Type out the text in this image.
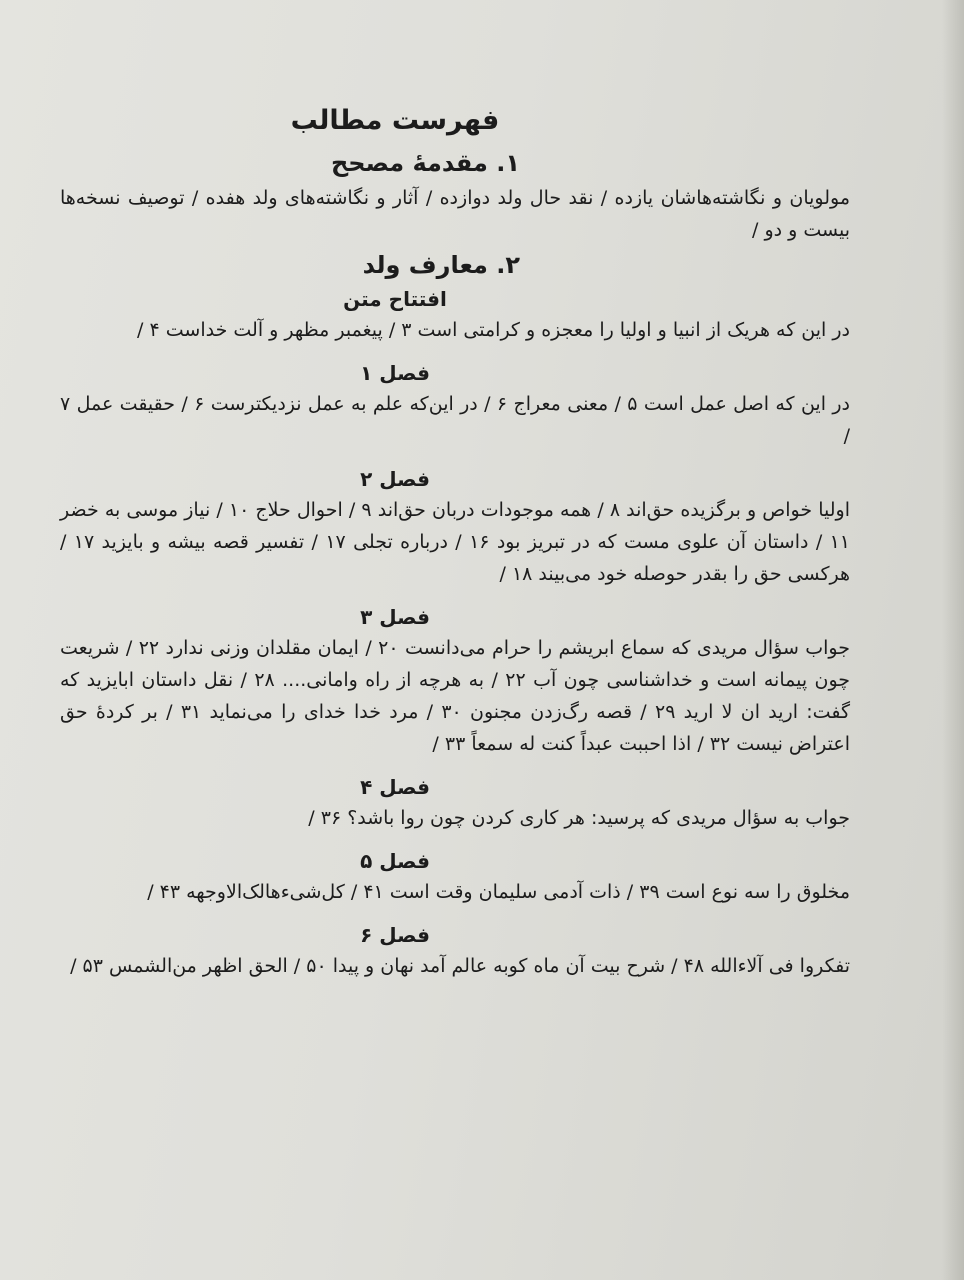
فهرست مطالب
۱. مقدمهٔ مصحح

مولویان و نگاشته‌هاشان یازده / نقد حال ولد دوازده / آثار و نگاشته‌های ولد هفده / توصیف نسخه‌ها بیست و دو /

۲. معارف ولد
افتتاح متن

در این که هریک از انبیا و اولیا را معجزه و کرامتی است ۳ / پیغمبر مظهر و آلت خداست ۴ /

فصل ۱

در این که اصل عمل است ۵ / معنی معراج ۶ / در این‌که علم به عمل نزدیکترست ۶ / حقیقت عمل ۷ /

فصل ۲

اولیا خواص و برگزیده حق‌اند ۸ / همه موجودات دربان حق‌اند ۹ / احوال حلاج ۱۰ / نیاز موسی به خضر ۱۱ / داستان آن علوی مست که در تبریز بود ۱۶ / درباره تجلی ۱۷ / تفسیر قصه بیشه و بایزید ۱۷ / هرکسی حق را بقدر حوصله خود می‌بیند ۱۸ /

فصل ۳

جواب سؤال مریدی که سماع ابریشم را حرام می‌دانست ۲۰ / ایمان مقلدان وزنی ندارد ۲۲ / شریعت چون پیمانه است و خداشناسی چون آب ۲۲ / به هرچه از راه وامانی.... ۲۸ / نقل داستان ابایزید که گفت: ارید ان لا ارید ۲۹ / قصه رگ‌زدن مجنون ۳۰ / مرد خدا خدای را می‌نماید ۳۱ / بر کردهٔ حق اعتراض نیست ۳۲ / اذا احببت عبداً کنت له سمعاً ۳۳ /

فصل ۴

جواب به سؤال مریدی که پرسید: هر کاری کردن چون روا باشد؟ ۳۶ /

فصل ۵

مخلوق را سه نوع است ۳۹ / ذات آدمی سلیمان وقت است ۴۱ / کل‌شیءهالک‌الاوجهه ۴۳ /

فصل ۶

تفکروا فی آلاءالله ۴۸ / شرح بیت آن ماه کوبه عالم آمد نهان و پیدا ۵۰ / الحق اظهر من‌الشمس ۵۳ /
